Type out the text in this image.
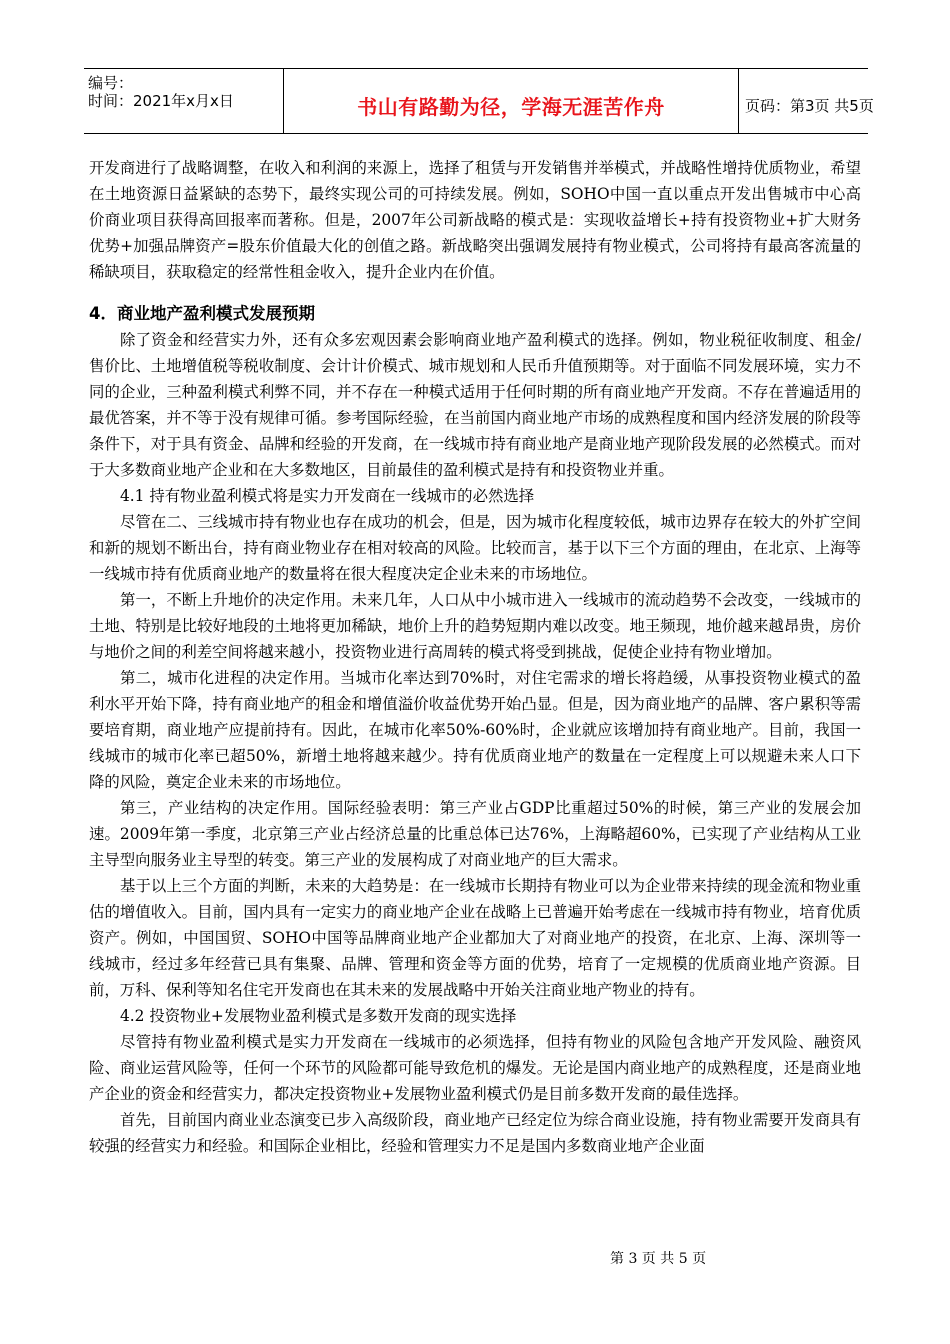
编号：
时间：2021年x月x日	书山有路勤为径，学海无涯苦作舟	页码：第3页 共5页

开发商进行了战略调整，在收入和利润的来源上，选择了租赁与开发销售并举模式，并战略性增持优质物业，希望在土地资源日益紧缺的态势下，最终实现公司的可持续发展。例如，SOHO中国一直以重点开发出售城市中心高价商业项目获得高回报率而著称。但是，2007年公司新战略的模式是：实现收益增长+持有投资物业+扩大财务优势+加强品牌资产=股东价值最大化的创值之路。新战略突出强调发展持有物业模式，公司将持有最高客流量的稀缺项目，获取稳定的经常性租金收入，提升企业内在价值。

4．商业地产盈利模式发展预期

除了资金和经营实力外，还有众多宏观因素会影响商业地产盈利模式的选择。例如，物业税征收制度、租金/售价比、土地增值税等税收制度、会计计价模式、城市规划和人民币升值预期等。对于面临不同发展环境，实力不同的企业，三种盈利模式利弊不同，并不存在一种模式适用于任何时期的所有商业地产开发商。不存在普遍适用的最优答案，并不等于没有规律可循。参考国际经验，在当前国内商业地产市场的成熟程度和国内经济发展的阶段等条件下，对于具有资金、品牌和经验的开发商，在一线城市持有商业地产是商业地产现阶段发展的必然模式。而对于大多数商业地产企业和在大多数地区，目前最佳的盈利模式是持有和投资物业并重。

4.1 持有物业盈利模式将是实力开发商在一线城市的必然选择

尽管在二、三线城市持有物业也存在成功的机会，但是，因为城市化程度较低，城市边界存在较大的外扩空间和新的规划不断出台，持有商业物业存在相对较高的风险。比较而言，基于以下三个方面的理由，在北京、上海等一线城市持有优质商业地产的数量将在很大程度决定企业未来的市场地位。

第一，不断上升地价的决定作用。未来几年，人口从中小城市进入一线城市的流动趋势不会改变，一线城市的土地、特别是比较好地段的土地将更加稀缺，地价上升的趋势短期内难以改变。地王频现，地价越来越昂贵，房价与地价之间的利差空间将越来越小，投资物业进行高周转的模式将受到挑战，促使企业持有物业增加。

第二，城市化进程的决定作用。当城市化率达到70%时，对住宅需求的增长将趋缓，从事投资物业模式的盈利水平开始下降，持有商业地产的租金和增值溢价收益优势开始凸显。但是，因为商业地产的品牌、客户累积等需要培育期，商业地产应提前持有。因此，在城市化率50%-60%时，企业就应该增加持有商业地产。目前，我国一线城市的城市化率已超50%，新增土地将越来越少。持有优质商业地产的数量在一定程度上可以规避未来人口下降的风险，奠定企业未来的市场地位。

第三，产业结构的决定作用。国际经验表明：第三产业占GDP比重超过50%的时候，第三产业的发展会加速。2009年第一季度，北京第三产业占经济总量的比重总体已达76%，上海略超60%，已实现了产业结构从工业主导型向服务业主导型的转变。第三产业的发展构成了对商业地产的巨大需求。

基于以上三个方面的判断，未来的大趋势是：在一线城市长期持有物业可以为企业带来持续的现金流和物业重估的增值收入。目前，国内具有一定实力的商业地产企业在战略上已普遍开始考虑在一线城市持有物业，培育优质资产。例如，中国国贸、SOHO中国等品牌商业地产企业都加大了对商业地产的投资，在北京、上海、深圳等一线城市，经过多年经营已具有集聚、品牌、管理和资金等方面的优势，培育了一定规模的优质商业地产资源。目前，万科、保利等知名住宅开发商也在其未来的发展战略中开始关注商业地产物业的持有。

4.2 投资物业+发展物业盈利模式是多数开发商的现实选择

尽管持有物业盈利模式是实力开发商在一线城市的必须选择，但持有物业的风险包含地产开发风险、融资风险、商业运营风险等，任何一个环节的风险都可能导致危机的爆发。无论是国内商业地产的成熟程度，还是商业地产企业的资金和经营实力，都决定投资物业+发展物业盈利模式仍是目前多数开发商的最佳选择。

首先，目前国内商业业态演变已步入高级阶段，商业地产已经定位为综合商业设施，持有物业需要开发商具有较强的经营实力和经验。和国际企业相比，经验和管理实力不足是国内多数商业地产企业面

第 3 页 共 5 页
